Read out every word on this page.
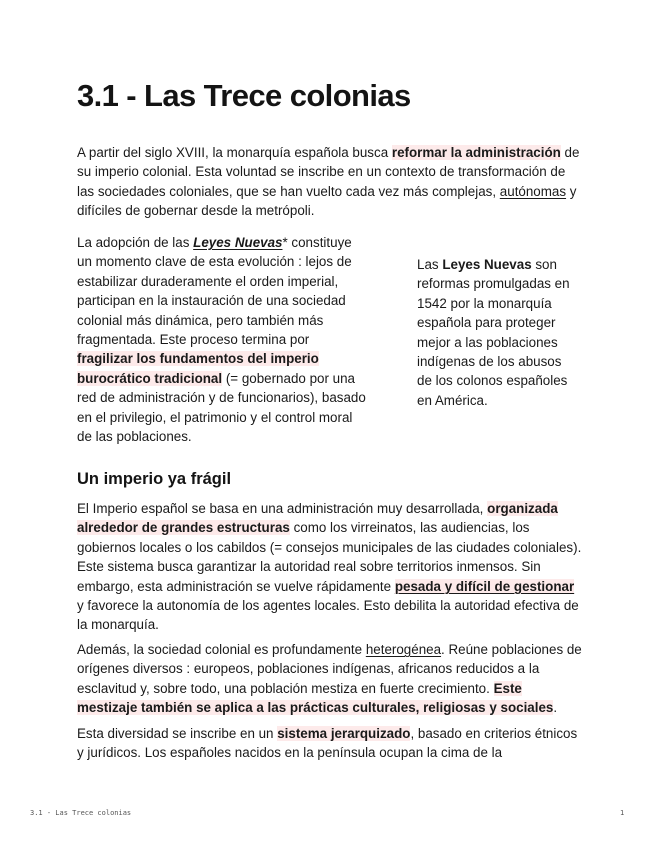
3.1 - Las Trece colonias

A partir del siglo XVIII, la monarquía española busca reformar la administración de su imperio colonial. Esta voluntad se inscribe en un contexto de transformación de las sociedades coloniales, que se han vuelto cada vez más complejas, autónomas y difíciles de gobernar desde la metrópoli.

La adopción de las Leyes Nuevas* constituye un momento clave de esta evolución : lejos de estabilizar duraderamente el orden imperial, participan en la instauración de una sociedad colonial más dinámica, pero también más fragmentada. Este proceso termina por fragilizar los fundamentos del imperio burocrático tradicional (= gobernado por una red de administración y de funcionarios), basado en el privilegio, el patrimonio y el control moral de las poblaciones.

Las Leyes Nuevas son reformas promulgadas en 1542 por la monarquía española para proteger mejor a las poblaciones indígenas de los abusos de los colonos españoles en América.

Un imperio ya frágil

El Imperio español se basa en una administración muy desarrollada, organizada alrededor de grandes estructuras como los virreinatos, las audiencias, los gobiernos locales o los cabildos (= consejos municipales de las ciudades coloniales). Este sistema busca garantizar la autoridad real sobre territorios inmensos. Sin embargo, esta administración se vuelve rápidamente pesada y difícil de gestionar y favorece la autonomía de los agentes locales. Esto debilita la autoridad efectiva de la monarquía.

Además, la sociedad colonial es profundamente heterogénea. Reúne poblaciones de orígenes diversos : europeos, poblaciones indígenas, africanos reducidos a la esclavitud y, sobre todo, una población mestiza en fuerte crecimiento. Este mestizaje también se aplica a las prácticas culturales, religiosas y sociales.

Esta diversidad se inscribe en un sistema jerarquizado, basado en criterios étnicos y jurídicos. Los españoles nacidos en la península ocupan la cima de la

3.1 - Las Trece colonias	1
